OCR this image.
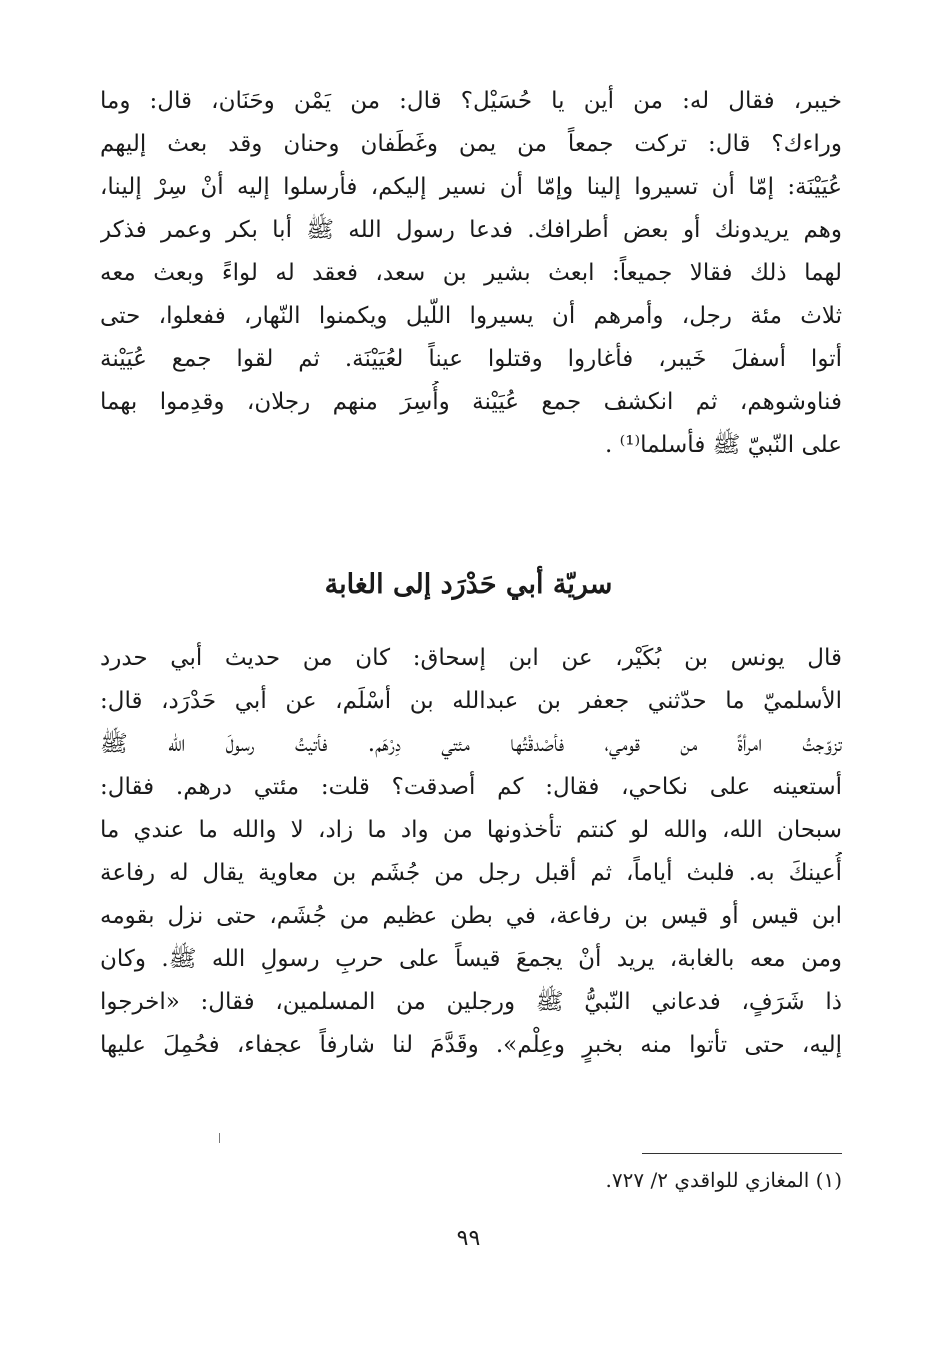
خيبر، فقال له: من أين يا حُسَيْل؟ قال: من يَمْن وحَنَان، قال: وما
وراءك؟ قال: تركت جمعاً من يمن وغَطَفان وحنان وقد بعث إليهم
عُيَيْنَة: إمّا أن تسيروا إلينا وإمّا أن نسير إليكم، فأرسلوا إليه أنْ سِرْ إلينا،
وهم يريدونك أو بعض أطرافك. فدعا رسول الله ﷺ أبا بكر وعمر فذكر
لهما ذلك فقالا جميعاً: ابعث بشير بن سعد، فعقد له لواءً وبعث معه
ثلاث مئة رجل، وأمرهم أن يسيروا اللّيل ويكمنوا النّهار، ففعلوا، حتى
أتوا أسفلَ خَيبر، فأغاروا وقتلوا عيناً لعُيَيْنَة. ثم لقوا جمع عُيَيْنة
فناوشوهم، ثم انكشف جمع عُيَيْنة وأُسِرَ منهم رجلان، وقدِموا بهما
على النّبيّ ﷺ فأسلما⁽¹⁾ .
سريّة أبي حَدْرَد إلى الغابة
قال يونس بن بُكَيْر، عن ابن إسحاق: كان من حديث أبي حدرد
الأسلميّ ما حدّثني جعفر بن عبدالله بن أسْلَم، عن أبي حَدْرَد، قال:
تزوّجتُ امرأةً من قومي، فأصْدقْتُها مئتي دِرْهَم. فأتيتُ رسولَ الله ﷺ
أستعينه على نكاحي، فقال: كم أصدقت؟ قلت: مئتي درهم. فقال:
سبحان الله، والله لو كنتم تأخذونها من واد ما زاد، لا والله ما عندي ما
أُعينكَ به. فلبث أياماً، ثم أقبل رجل من جُشَم بن معاوية يقال له رفاعة
ابن قيس أو قيس بن رفاعة، في بطن عظيم من جُشَم، حتى نزل بقومه
ومن معه بالغابة، يريد أنْ يجمعَ قيساً على حربِ رسولِ الله ﷺ. وكان
ذا شَرَفٍ، فدعاني النّبيُّ ﷺ ورجلين من المسلمين، فقال: «اخرجوا
إليه، حتى تأتوا منه بخبرٍ وعِلْم». وقَدَّمَ لنا شارفاً عجفاء، فحُمِلَ عليها
(١) المغازي للواقدي ٢/ ٧٢٧.
٩٩
